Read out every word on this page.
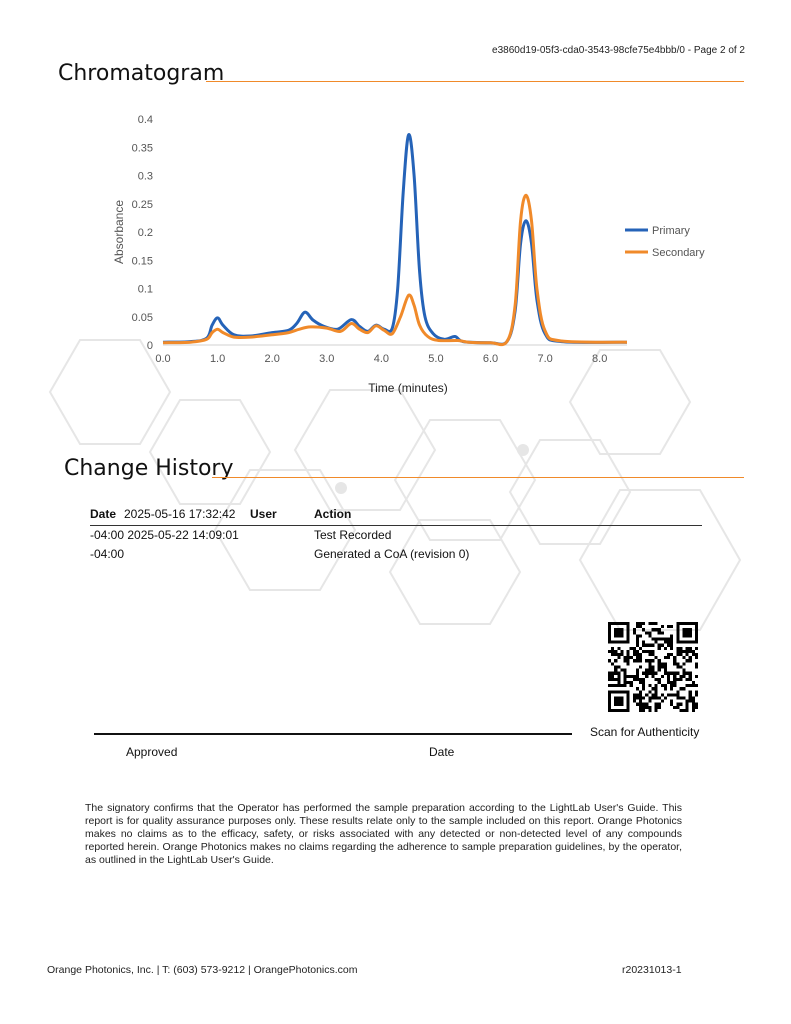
e3860d19-05f3-cda0-3543-98cfe75e4bbb/0 - Page 2 of 2
Chromatogram
0
0.05
0.1
0.15
0.2
0.25
0.3
0.35
0.4
0.0	1.0	2.0	3.0	4.0	5.0	6.0	7.0	8.0
Absorbance
Time (minutes)
Primary
Secondary
Change History
Date 2025-05-16 17:32:42 User	Action
-04:00 2025-05-22 14:09:01	Test Recorded
-04:00	Generated a CoA (revision 0)
Scan for Authenticity
Approved	Date
The signatory confirms that the Operator has performed the sample preparation according to the LightLab User's Guide. This report is for quality assurance purposes only. These results relate only to the sample included on this report. Orange Photonics makes no claims as to the efficacy, safety, or risks associated with any detected or non-detected level of any compounds reported herein. Orange Photonics makes no claims regarding the adherence to sample preparation guidelines, by the operator, as outlined in the LightLab User's Guide.
Orange Photonics, Inc. | T: (603) 573-9212 | OrangePhotonics.com	r20231013-1
